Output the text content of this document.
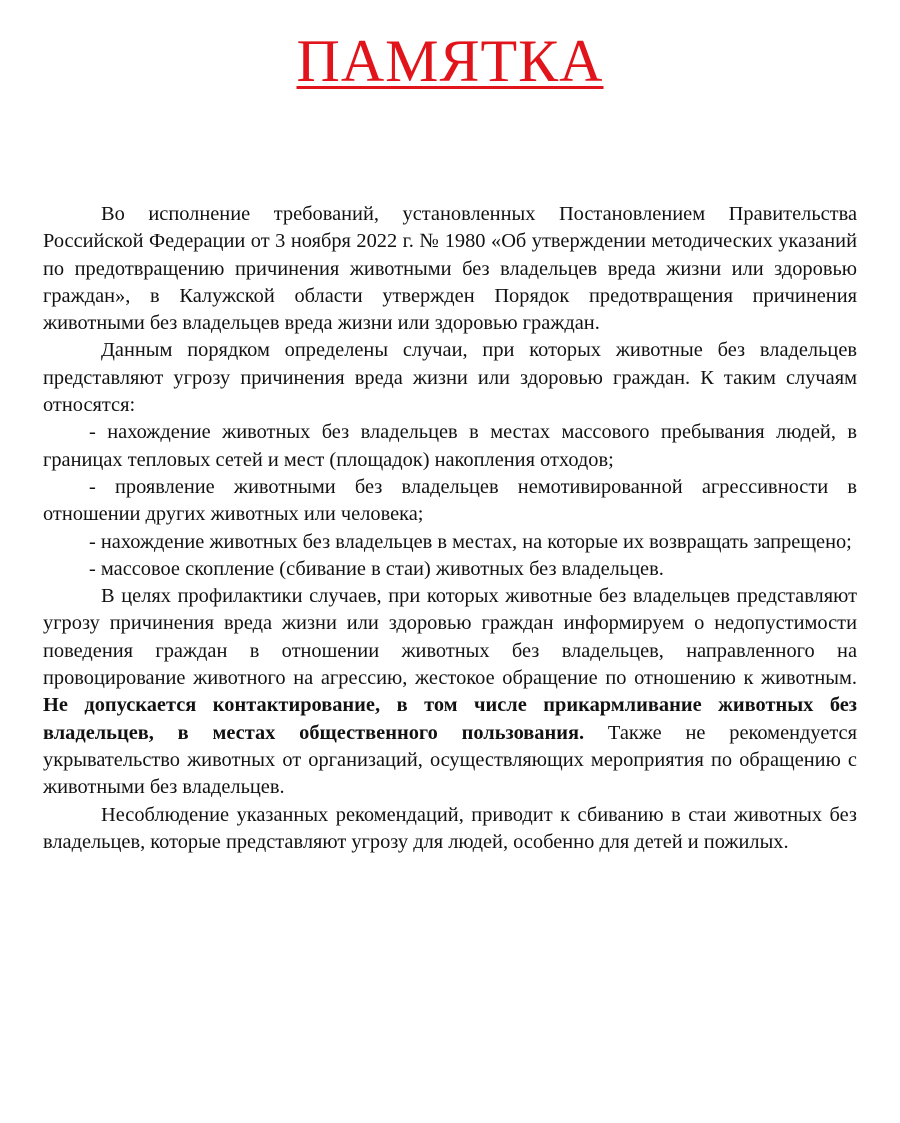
ПАМЯТКА

Во исполнение требований, установленных Постановлением Правительства Российской Федерации от 3 ноября 2022 г. № 1980 «Об утверждении методических указаний по предотвращению причинения животными без владельцев вреда жизни или здоровью граждан», в Калужской области утвержден Порядок предотвращения причинения животными без владельцев вреда жизни или здоровью граждан.

Данным порядком определены случаи, при которых животные без владельцев представляют угрозу причинения вреда жизни или здоровью граждан. К таким случаям относятся:

- нахождение животных без владельцев в местах массового пребывания людей, в границах тепловых сетей и мест (площадок) накопления отходов;

- проявление животными без владельцев немотивированной агрессивности в отношении других животных или человека;

- нахождение животных без владельцев в местах, на которые их возвращать запрещено;

- массовое скопление (сбивание в стаи) животных без владельцев.

В целях профилактики случаев, при которых животные без владельцев представляют угрозу причинения вреда жизни или здоровью граждан информируем о недопустимости поведения граждан в отношении животных без владельцев, направленного на провоцирование животного на агрессию, жестокое обращение по отношению к животным. Не допускается контактирование, в том числе прикармливание животных без владельцев, в местах общественного пользования. Также не рекомендуется укрывательство животных от организаций, осуществляющих мероприятия по обращению с животными без владельцев.

Несоблюдение указанных рекомендаций, приводит к сбиванию в стаи животных без владельцев, которые представляют угрозу для людей, особенно для детей и пожилых.
